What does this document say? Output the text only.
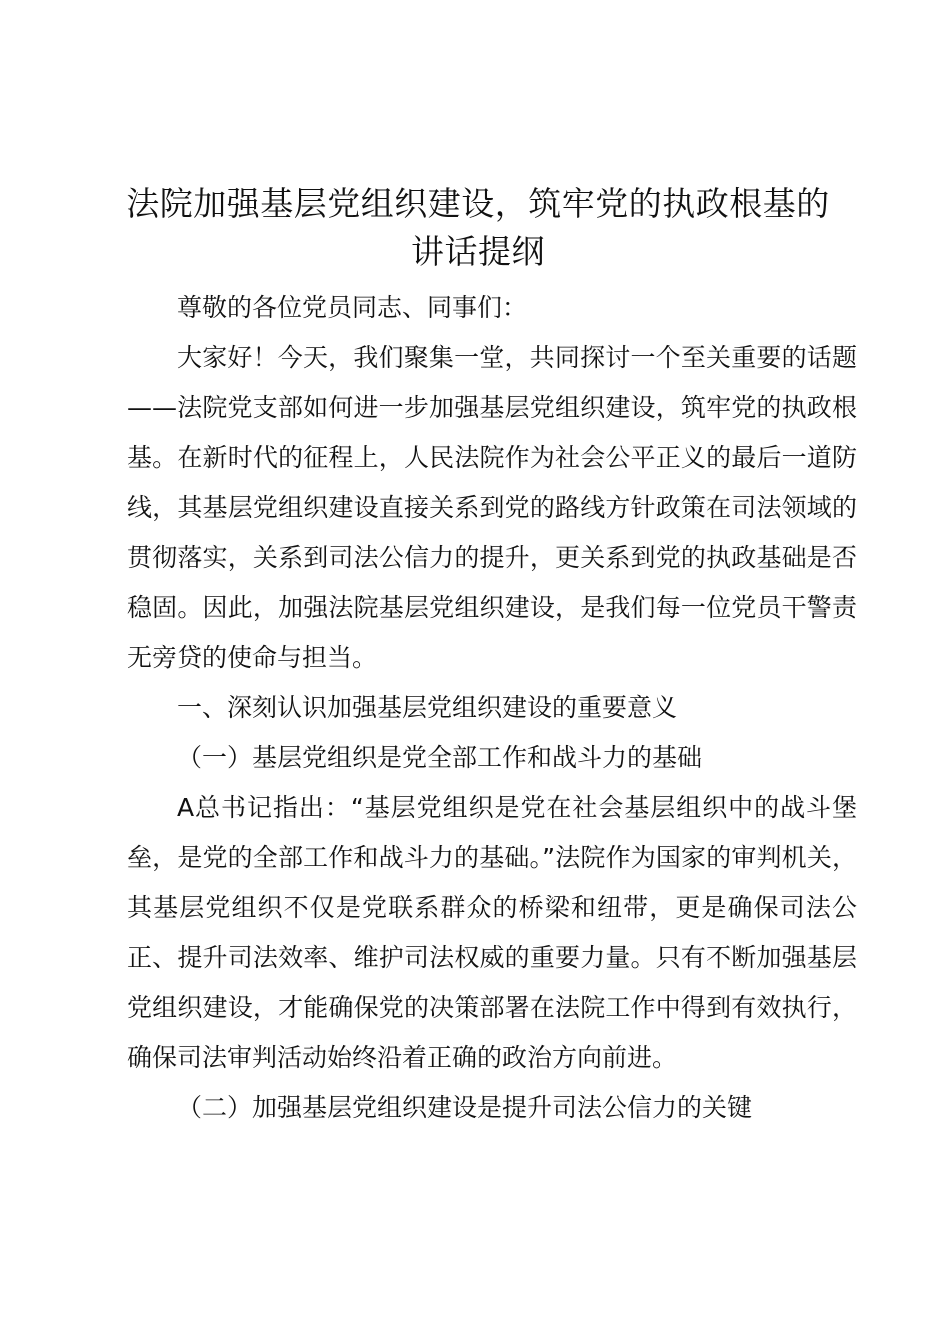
法院加强基层党组织建设，筑牢党的执政根基的讲话提纲

尊敬的各位党员同志、同事们：

大家好！今天，我们聚集一堂，共同探讨一个至关重要的话题——法院党支部如何进一步加强基层党组织建设，筑牢党的执政根基。在新时代的征程上，人民法院作为社会公平正义的最后一道防线，其基层党组织建设直接关系到党的路线方针政策在司法领域的贯彻落实，关系到司法公信力的提升，更关系到党的执政基础是否稳固。因此，加强法院基层党组织建设，是我们每一位党员干警责无旁贷的使命与担当。

一、深刻认识加强基层党组织建设的重要意义

（一）基层党组织是党全部工作和战斗力的基础

A总书记指出：“基层党组织是党在社会基层组织中的战斗堡垒，是党的全部工作和战斗力的基础。”法院作为国家的审判机关，其基层党组织不仅是党联系群众的桥梁和纽带，更是确保司法公正、提升司法效率、维护司法权威的重要力量。只有不断加强基层党组织建设，才能确保党的决策部署在法院工作中得到有效执行，确保司法审判活动始终沿着正确的政治方向前进。

（二）加强基层党组织建设是提升司法公信力的关键
